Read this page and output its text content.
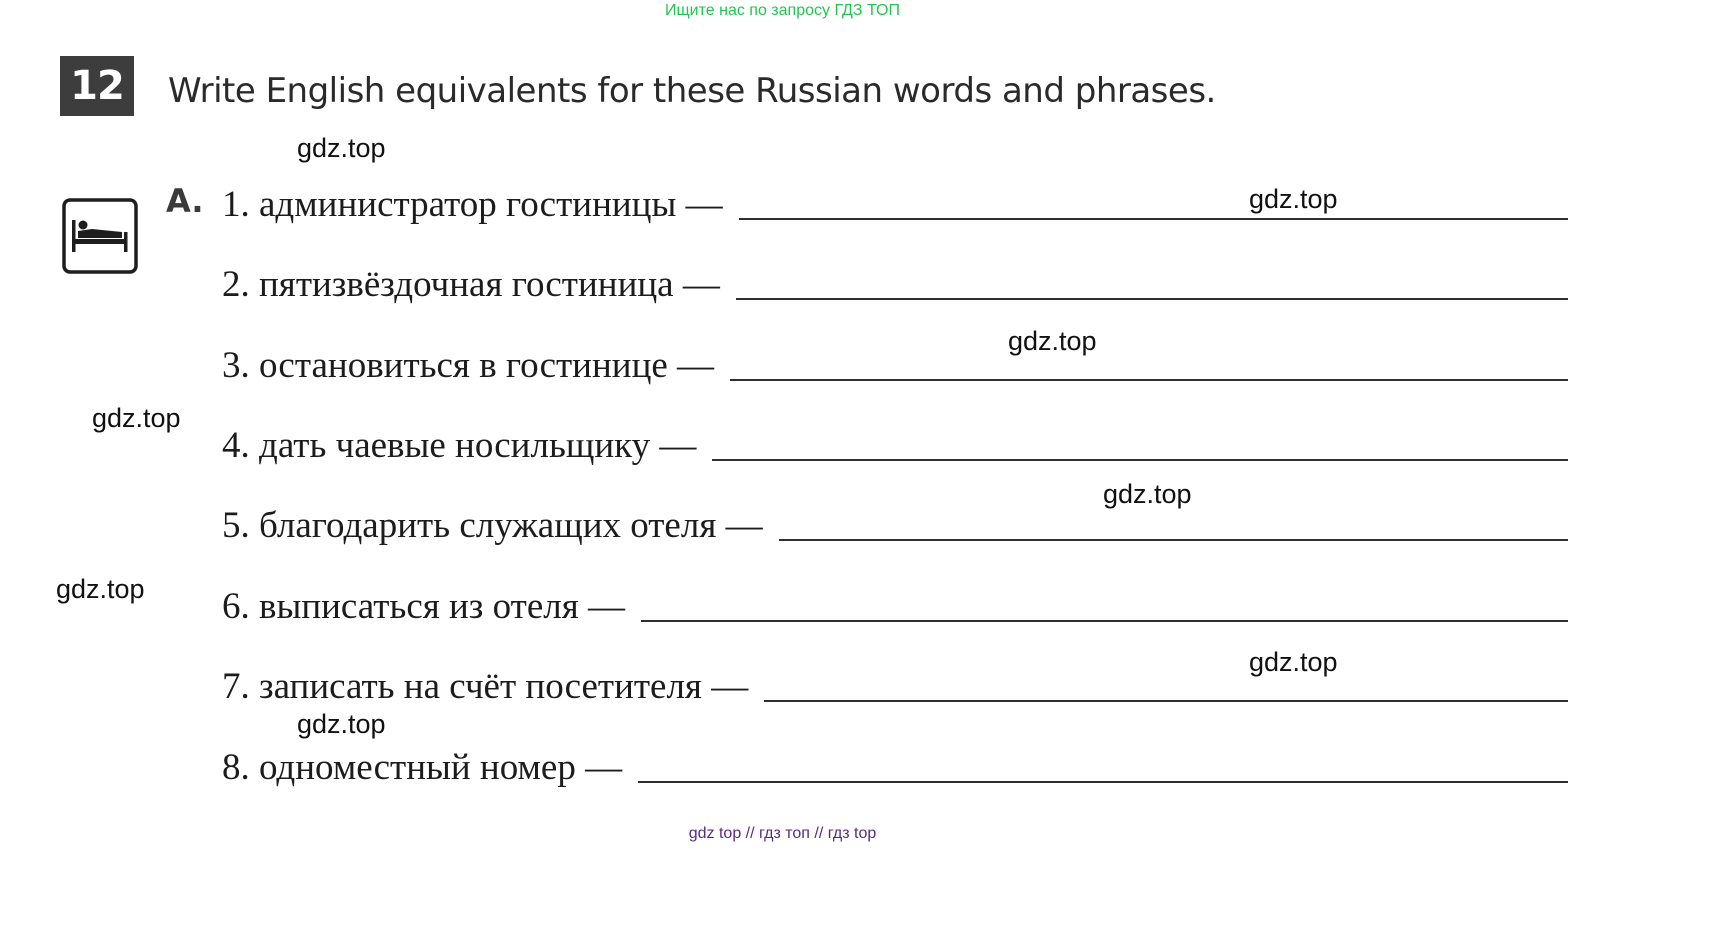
Ищите нас по запросу ГДЗ ТОП
12 Write English equivalents for these Russian words and phrases.
A. 1. администратор гостиницы —
2. пятизвёздочная гостиница —
3. остановиться в гостинице —
4. дать чаевые носильщику —
5. благодарить служащих отеля —
6. выписаться из отеля —
7. записать на счёт посетителя —
8. одноместный номер —
gdz.top
gdz.top
gdz.top
gdz.top
gdz.top
gdz.top
gdz.top
gdz.top
gdz top // гдз топ // гдз top
